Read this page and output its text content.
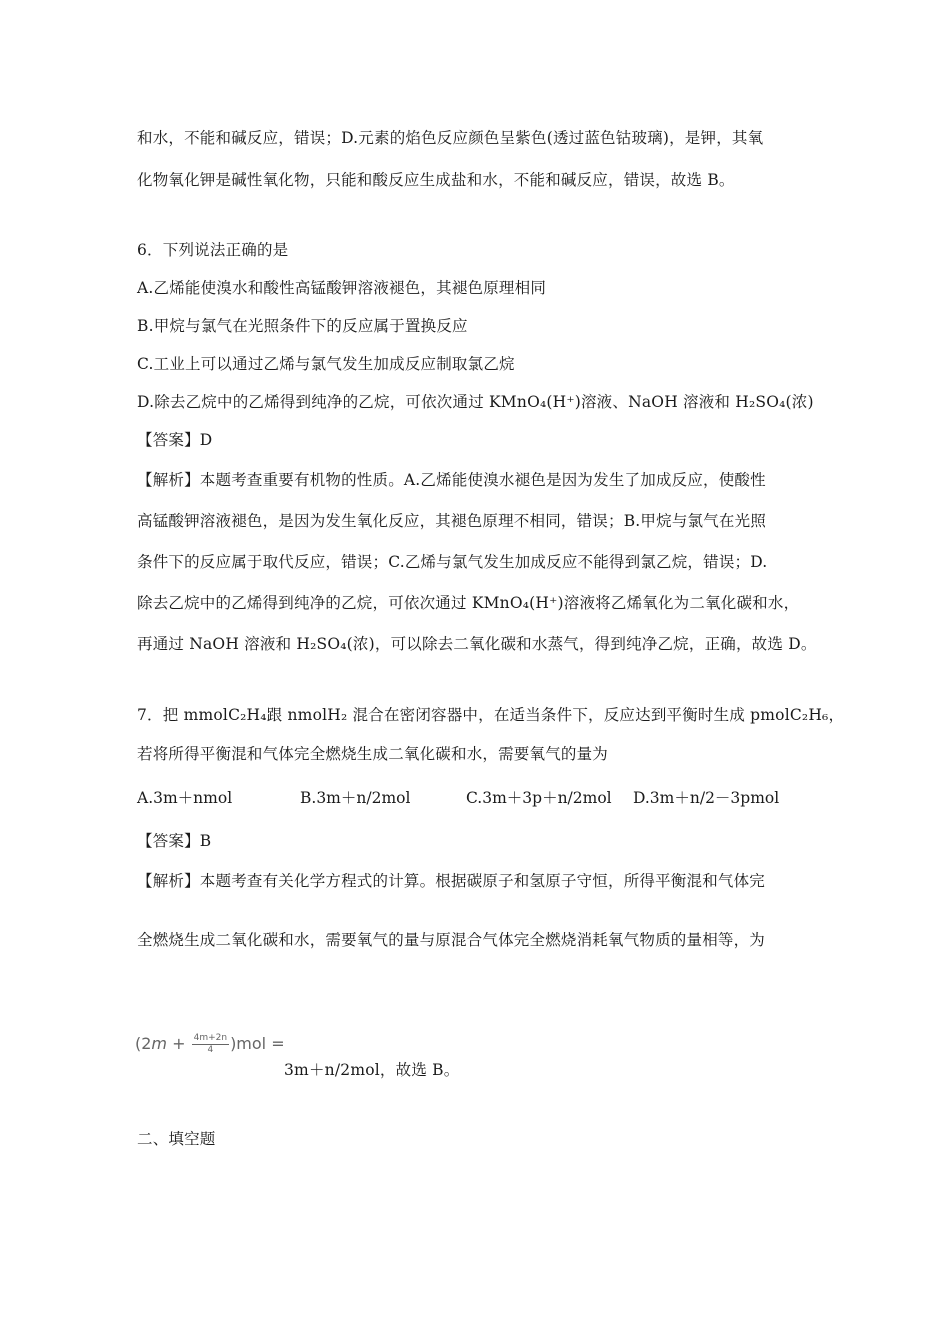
和水，不能和碱反应，错误；D.元素的焰色反应颜色呈紫色(透过蓝色钴玻璃)，是钾，其氧
化物氧化钾是碱性氧化物，只能和酸反应生成盐和水，不能和碱反应，错误，故选 B。
6．下列说法正确的是
A.乙烯能使溴水和酸性高锰酸钾溶液褪色，其褪色原理相同
B.甲烷与氯气在光照条件下的反应属于置换反应
C.工业上可以通过乙烯与氯气发生加成反应制取氯乙烷
D.除去乙烷中的乙烯得到纯净的乙烷，可依次通过 KMnO₄(H⁺)溶液、NaOH 溶液和 H₂SO₄(浓)
【答案】D
【解析】本题考查重要有机物的性质。A.乙烯能使溴水褪色是因为发生了加成反应，使酸性
高锰酸钾溶液褪色，是因为发生氧化反应，其褪色原理不相同，错误；B.甲烷与氯气在光照
条件下的反应属于取代反应，错误；C.乙烯与氯气发生加成反应不能得到氯乙烷，错误；D.
除去乙烷中的乙烯得到纯净的乙烷，可依次通过 KMnO₄(H⁺)溶液将乙烯氧化为二氧化碳和水，
再通过 NaOH 溶液和 H₂SO₄(浓)，可以除去二氧化碳和水蒸气，得到纯净乙烷，正确，故选 D。
7．把 mmolC₂H₄跟 nmolH₂ 混合在密闭容器中，在适当条件下，反应达到平衡时生成 pmolC₂H₆，
若将所得平衡混和气体完全燃烧生成二氧化碳和水，需要氧气的量为
A.3m＋nmol	B.3m＋n/2mol	C.3m＋3p＋n/2mol D.3m＋n/2－3pmol
【答案】B
【解析】本题考查有关化学方程式的计算。根据碳原子和氢原子守恒，所得平衡混和气体完
全燃烧生成二氧化碳和水，需要氧气的量与原混合气体完全燃烧消耗氧气物质的量相等，为
$(2m + \frac{4m+2n}{4} )mol$ =
3m＋n/2mol，故选 B。
二、填空题
